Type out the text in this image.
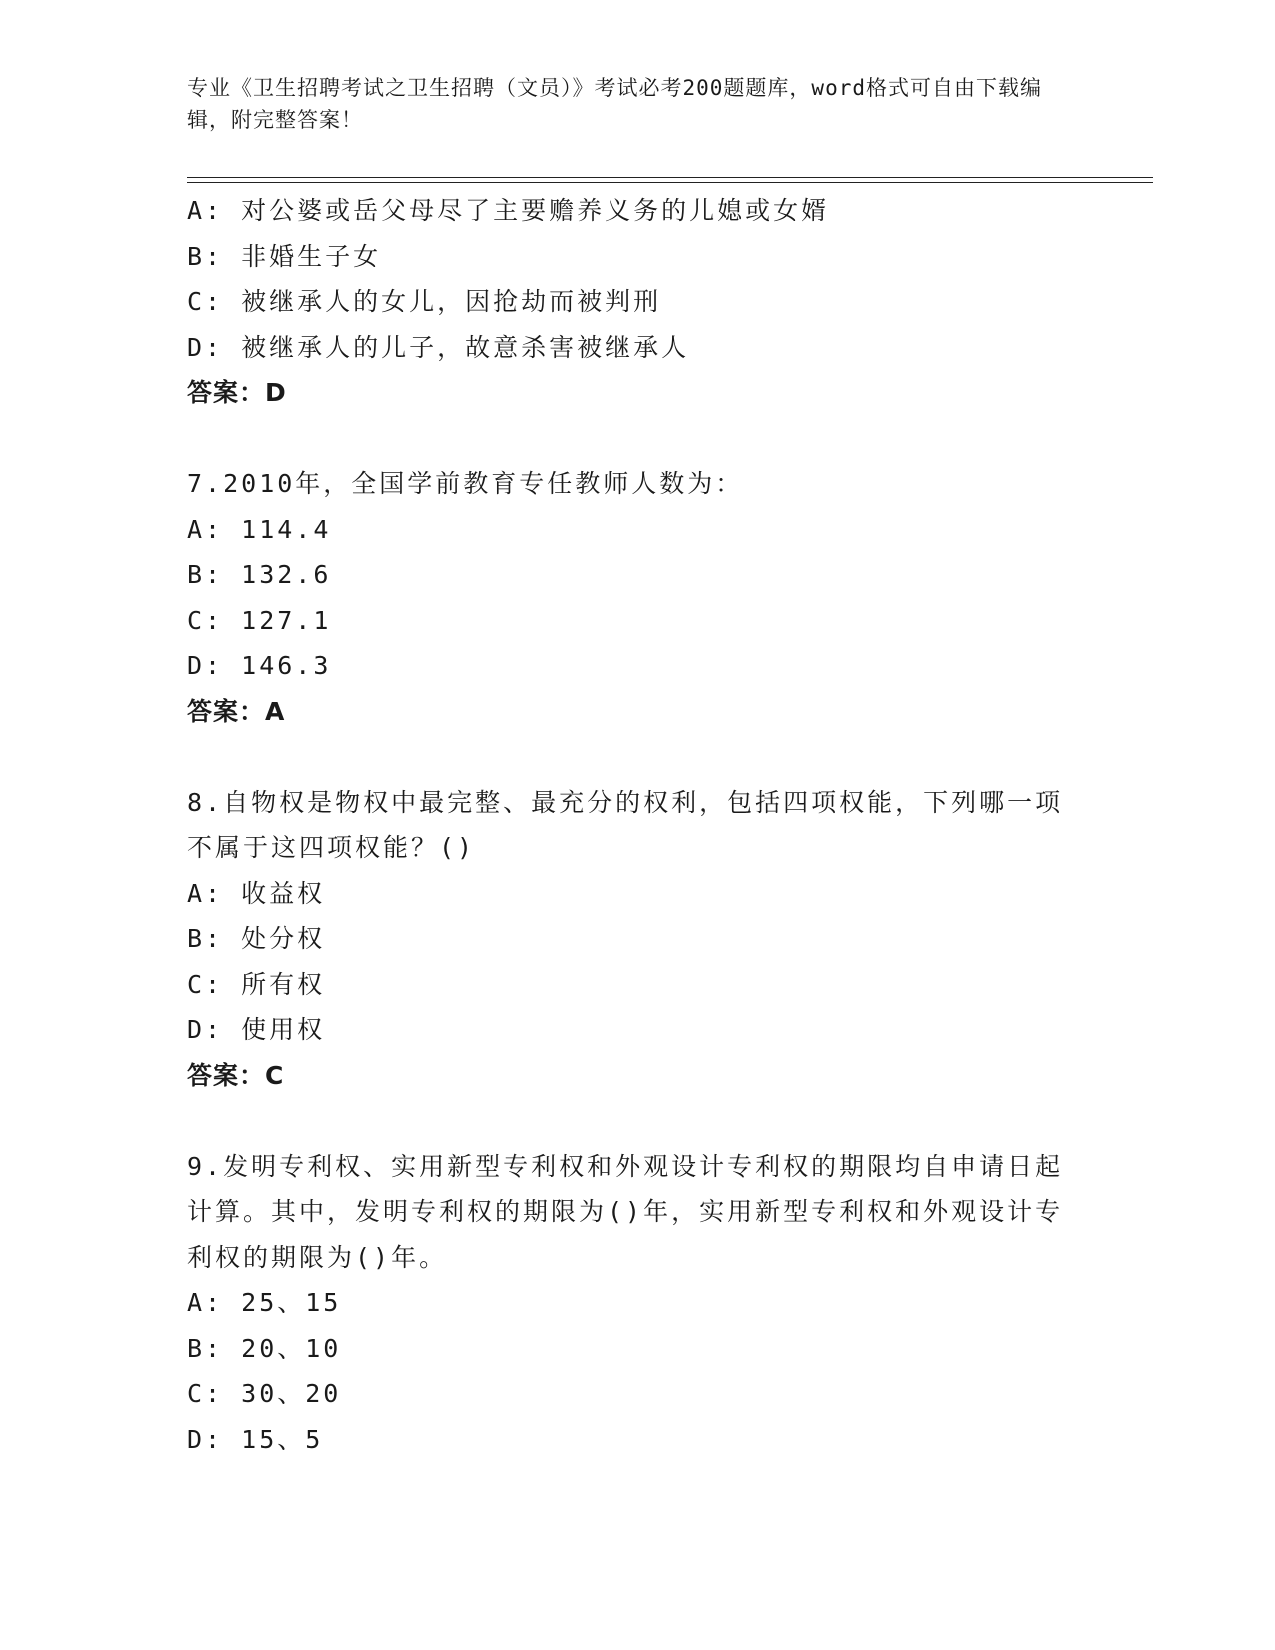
专业《卫生招聘考试之卫生招聘（文员）》考试必考200题题库，word格式可自由下载编辑，附完整答案！
A: 对公婆或岳父母尽了主要赡养义务的儿媳或女婿
B: 非婚生子女
C: 被继承人的女儿，因抢劫而被判刑
D: 被继承人的儿子，故意杀害被继承人
答案：D
7.2010年，全国学前教育专任教师人数为：
A: 114.4
B: 132.6
C: 127.1
D: 146.3
答案：A
8.自物权是物权中最完整、最充分的权利，包括四项权能，下列哪一项不属于这四项权能？()
A: 收益权
B: 处分权
C: 所有权
D: 使用权
答案：C
9.发明专利权、实用新型专利权和外观设计专利权的期限均自申请日起计算。其中，发明专利权的期限为()年，实用新型专利权和外观设计专利权的期限为()年。
A: 25、15
B: 20、10
C: 30、20
D: 15、5
